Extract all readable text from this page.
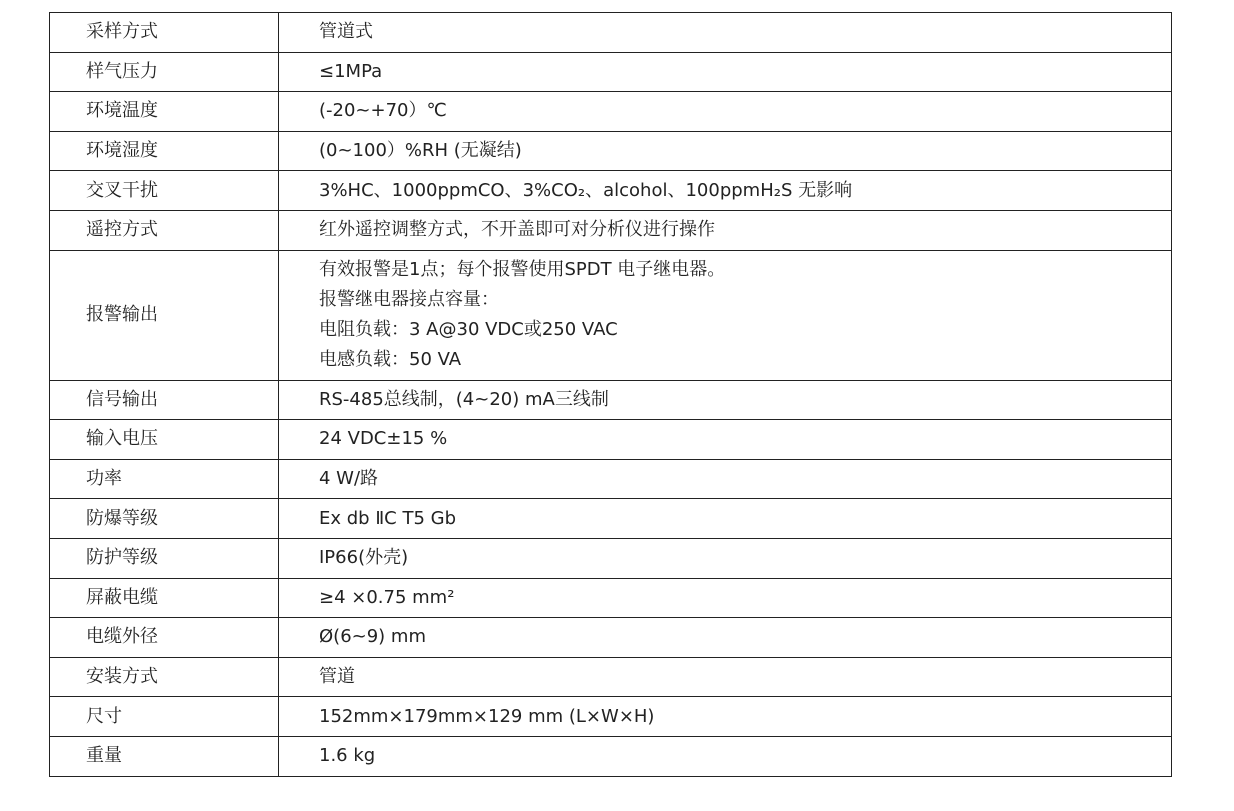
采样方式	管道式
样气压力	≤1MPa
环境温度	(-20~+70）℃
环境湿度	(0~100）%RH (无凝结)
交叉干扰	3%HC、1000ppmCO、3%CO₂、alcohol、100ppmH₂S 无影响
遥控方式	红外遥控调整方式，不开盖即可对分析仪进行操作
报警输出	有效报警是1点；每个报警使用SPDT 电子继电器。
报警继电器接点容量：
电阻负载：3 A@30 VDC或250 VAC
电感负载：50 VA

信号输出	RS-485总线制，(4~20) mA三线制
输入电压	24 VDC±15 %
功率	4 W/路
防爆等级	Ex db ⅡC T5 Gb
防护等级	IP66(外壳)
屏蔽电缆	≥4 ×0.75 mm²
电缆外径	Ø(6~9) mm
安装方式	管道
尺寸	152mm×179mm×129 mm (L×W×H)
重量	1.6 kg
